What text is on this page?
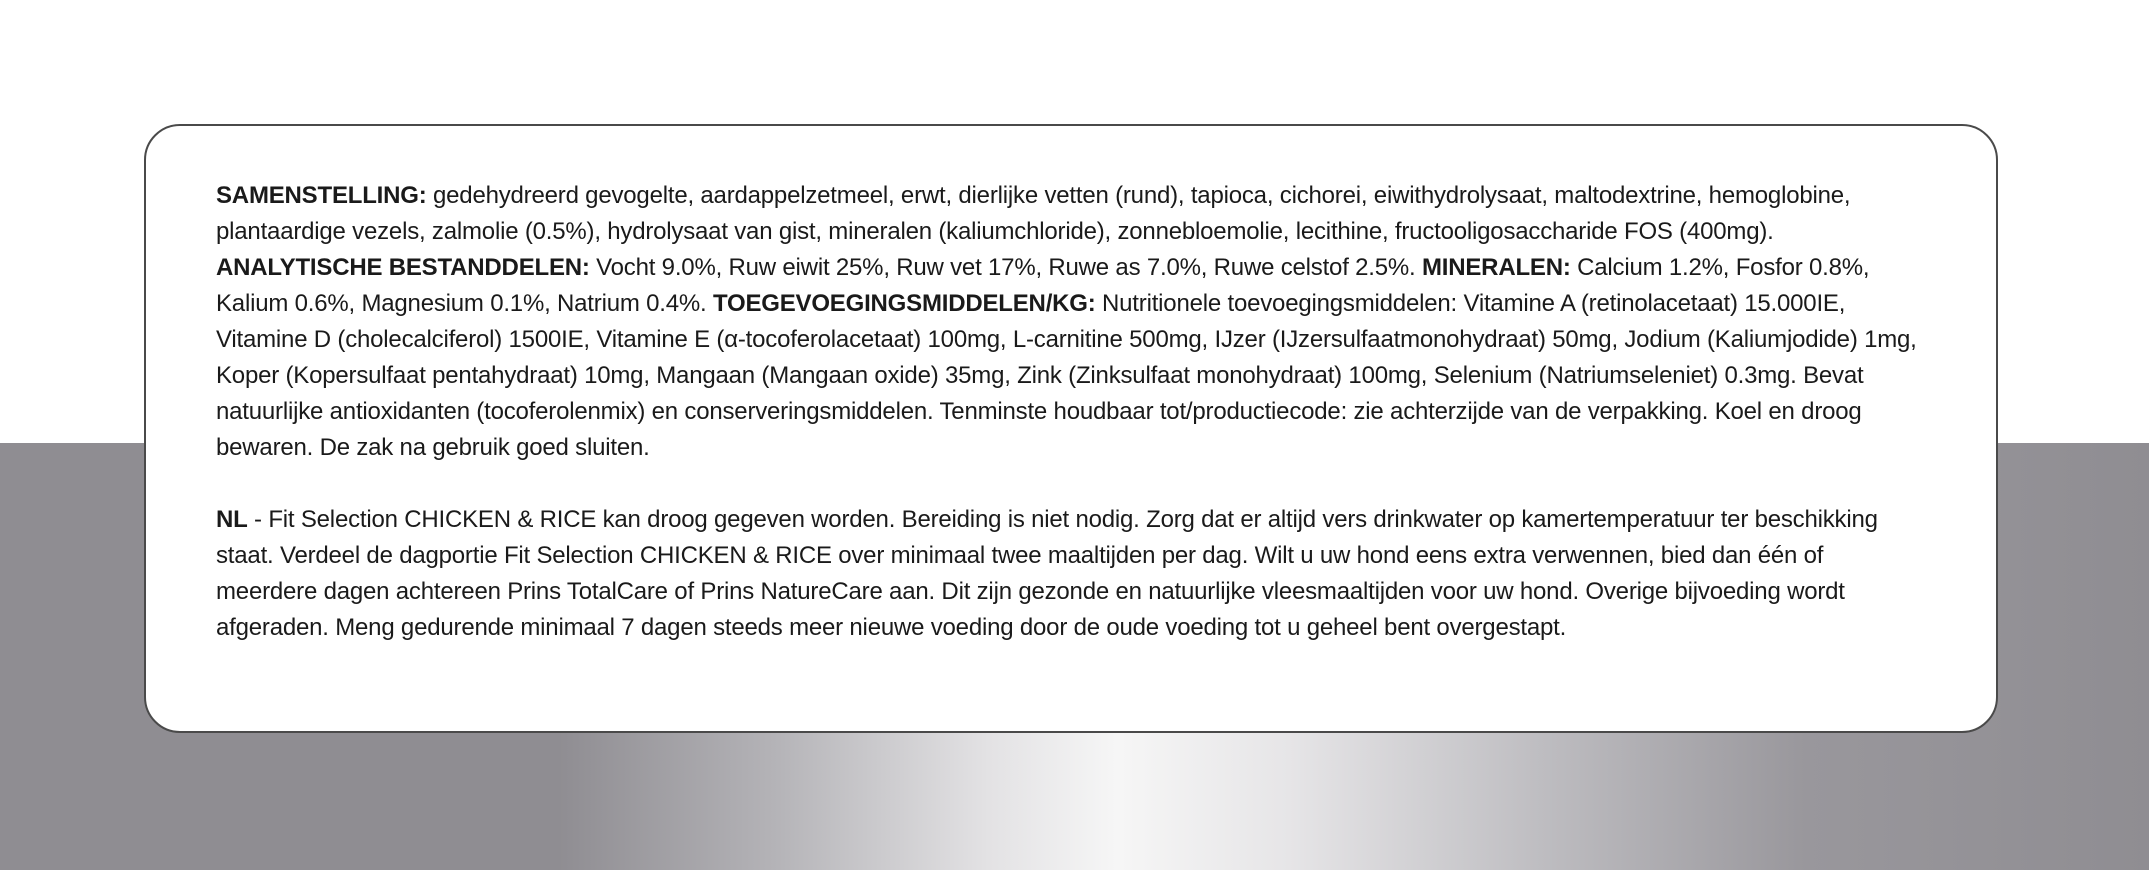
SAMENSTELLING: gedehydreerd gevogelte, aardappelzetmeel, erwt, dierlijke vetten (rund), tapioca, cichorei, eiwithydrolysaat, maltodextrine, hemoglobine, plantaardige vezels, zalmolie (0.5%), hydrolysaat van gist, mineralen (kaliumchloride), zonnebloemolie, lecithine, fructooligosaccharide FOS (400mg). ANALYTISCHE BESTANDDELEN: Vocht 9.0%, Ruw eiwit 25%, Ruw vet 17%, Ruwe as 7.0%, Ruwe celstof 2.5%. MINERALEN: Calcium 1.2%, Fosfor 0.8%, Kalium 0.6%, Magnesium 0.1%, Natrium 0.4%. TOEGEVOEGINGSMIDDELEN/KG: Nutritionele toevoegingsmiddelen: Vitamine A (retinolacetaat) 15.000IE, Vitamine D (cholecalciferol) 1500IE, Vitamine E (α-tocoferolacetaat) 100mg, L-carnitine 500mg, IJzer (IJzersulfaatmonohydraat) 50mg, Jodium (Kaliumjodide) 1mg, Koper (Kopersulfaat pentahydraat) 10mg, Mangaan (Mangaan oxide) 35mg, Zink (Zinksulfaat monohydraat) 100mg, Selenium (Natriumseleniet) 0.3mg. Bevat natuurlijke antioxidanten (tocoferolenmix) en conserveringsmiddelen. Tenminste houdbaar tot/productiecode: zie achterzijde van de verpakking. Koel en droog bewaren. De zak na gebruik goed sluiten.

NL - Fit Selection CHICKEN & RICE kan droog gegeven worden. Bereiding is niet nodig. Zorg dat er altijd vers drinkwater op kamertemperatuur ter beschikking staat. Verdeel de dagportie Fit Selection CHICKEN & RICE over minimaal twee maaltijden per dag. Wilt u uw hond eens extra verwennen, bied dan één of meerdere dagen achtereen Prins TotalCare of Prins NatureCare aan. Dit zijn gezonde en natuurlijke vleesmaaltijden voor uw hond. Overige bijvoeding wordt afgeraden. Meng gedurende minimaal 7 dagen steeds meer nieuwe voeding door de oude voeding tot u geheel bent overgestapt.
